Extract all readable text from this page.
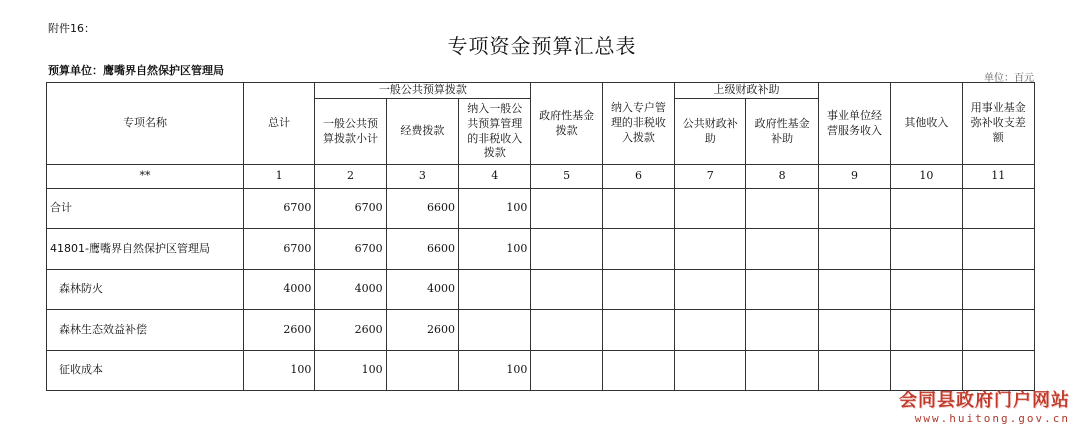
附件16：
专项资金预算汇总表
预算单位：鹰嘴界自然保护区管理局
单位：百元
专项名称	总计	一般公共预算拨款			政府性基金拨款	纳入专户管理的非税收入拨款	上级财政补助		事业单位经营服务收入	其他收入	用事业基金弥补收支差额
		一般公共预算拨款小计	经费拨款	纳入一般公共预算管理的非税收入拨款			公共财政补助	政府性基金补助			
**	1	2	3	4	5	6	7	8	9	10	11
合计	6700	6700	6600	100							
41801-鹰嘴界自然保护区管理局	6700	6700	6600	100							
森林防火	4000	4000	4000								
森林生态效益补偿	2600	2600	2600								
征收成本	100	100		100							
会同县政府门户网站
www.huitong.gov.cn
